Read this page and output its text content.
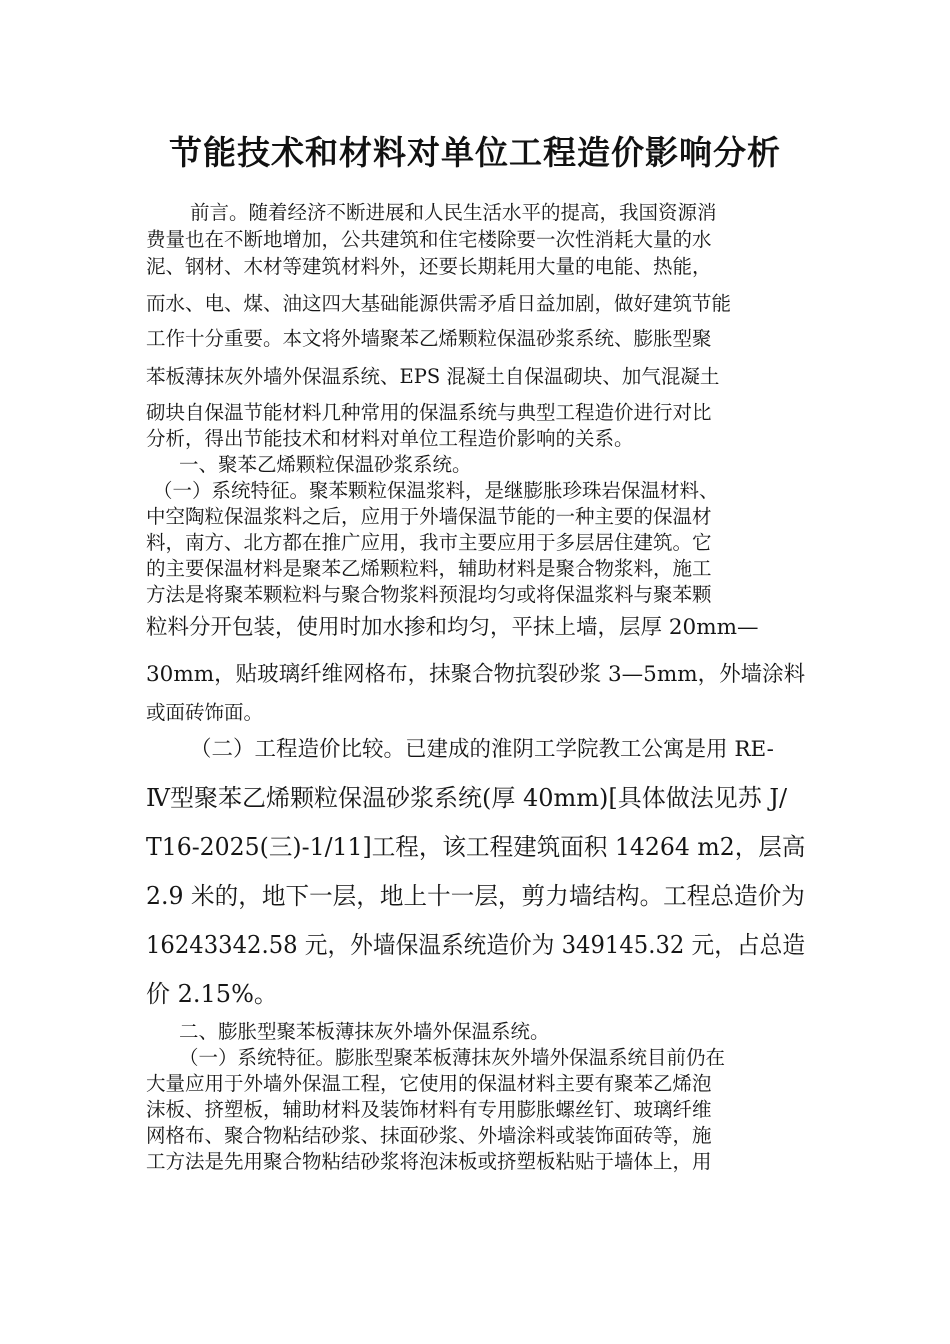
节能技术和材料对单位工程造价影响分析
前言。随着经济不断进展和人民生活水平的提高，我国资源消
费量也在不断地增加，公共建筑和住宅楼除要一次性消耗大量的水
泥、钢材、木材等建筑材料外，还要长期耗用大量的电能、热能，
而水、电、煤、油这四大基础能源供需矛盾日益加剧，做好建筑节能
工作十分重要。本文将外墙聚苯乙烯颗粒保温砂浆系统、膨胀型聚
苯板薄抹灰外墙外保温系统、EPS 混凝土自保温砌块、加气混凝土
砌块自保温节能材料几种常用的保温系统与典型工程造价进行对比
分析，得出节能技术和材料对单位工程造价影响的关系。
一、聚苯乙烯颗粒保温砂浆系统。
（一）系统特征。聚苯颗粒保温浆料，是继膨胀珍珠岩保温材料、
中空陶粒保温浆料之后，应用于外墙保温节能的一种主要的保温材
料，南方、北方都在推广应用，我市主要应用于多层居住建筑。它
的主要保温材料是聚苯乙烯颗粒料，辅助材料是聚合物浆料，施工
方法是将聚苯颗粒料与聚合物浆料预混均匀或将保温浆料与聚苯颗
粒料分开包装，使用时加水掺和均匀，平抹上墙，层厚 20mm—
30mm，贴玻璃纤维网格布，抹聚合物抗裂砂浆 3—5mm，外墙涂料
或面砖饰面。
（二）工程造价比较。已建成的淮阴工学院教工公寓是用 RE-
Ⅳ型聚苯乙烯颗粒保温砂浆系统(厚 40mm)[具体做法见苏 J/
T16-2025(三)-1/11]工程，该工程建筑面积 14264 m2，层高
2.9 米的，地下一层，地上十一层，剪力墙结构。工程总造价为
16243342.58 元，外墙保温系统造价为 349145.32 元，占总造
价 2.15%。
二、膨胀型聚苯板薄抹灰外墙外保温系统。
（一）系统特征。膨胀型聚苯板薄抹灰外墙外保温系统目前仍在
大量应用于外墙外保温工程，它使用的保温材料主要有聚苯乙烯泡
沫板、挤塑板，辅助材料及装饰材料有专用膨胀螺丝钉、玻璃纤维
网格布、聚合物粘结砂浆、抹面砂浆、外墙涂料或装饰面砖等，施
工方法是先用聚合物粘结砂浆将泡沫板或挤塑板粘贴于墙体上，用
